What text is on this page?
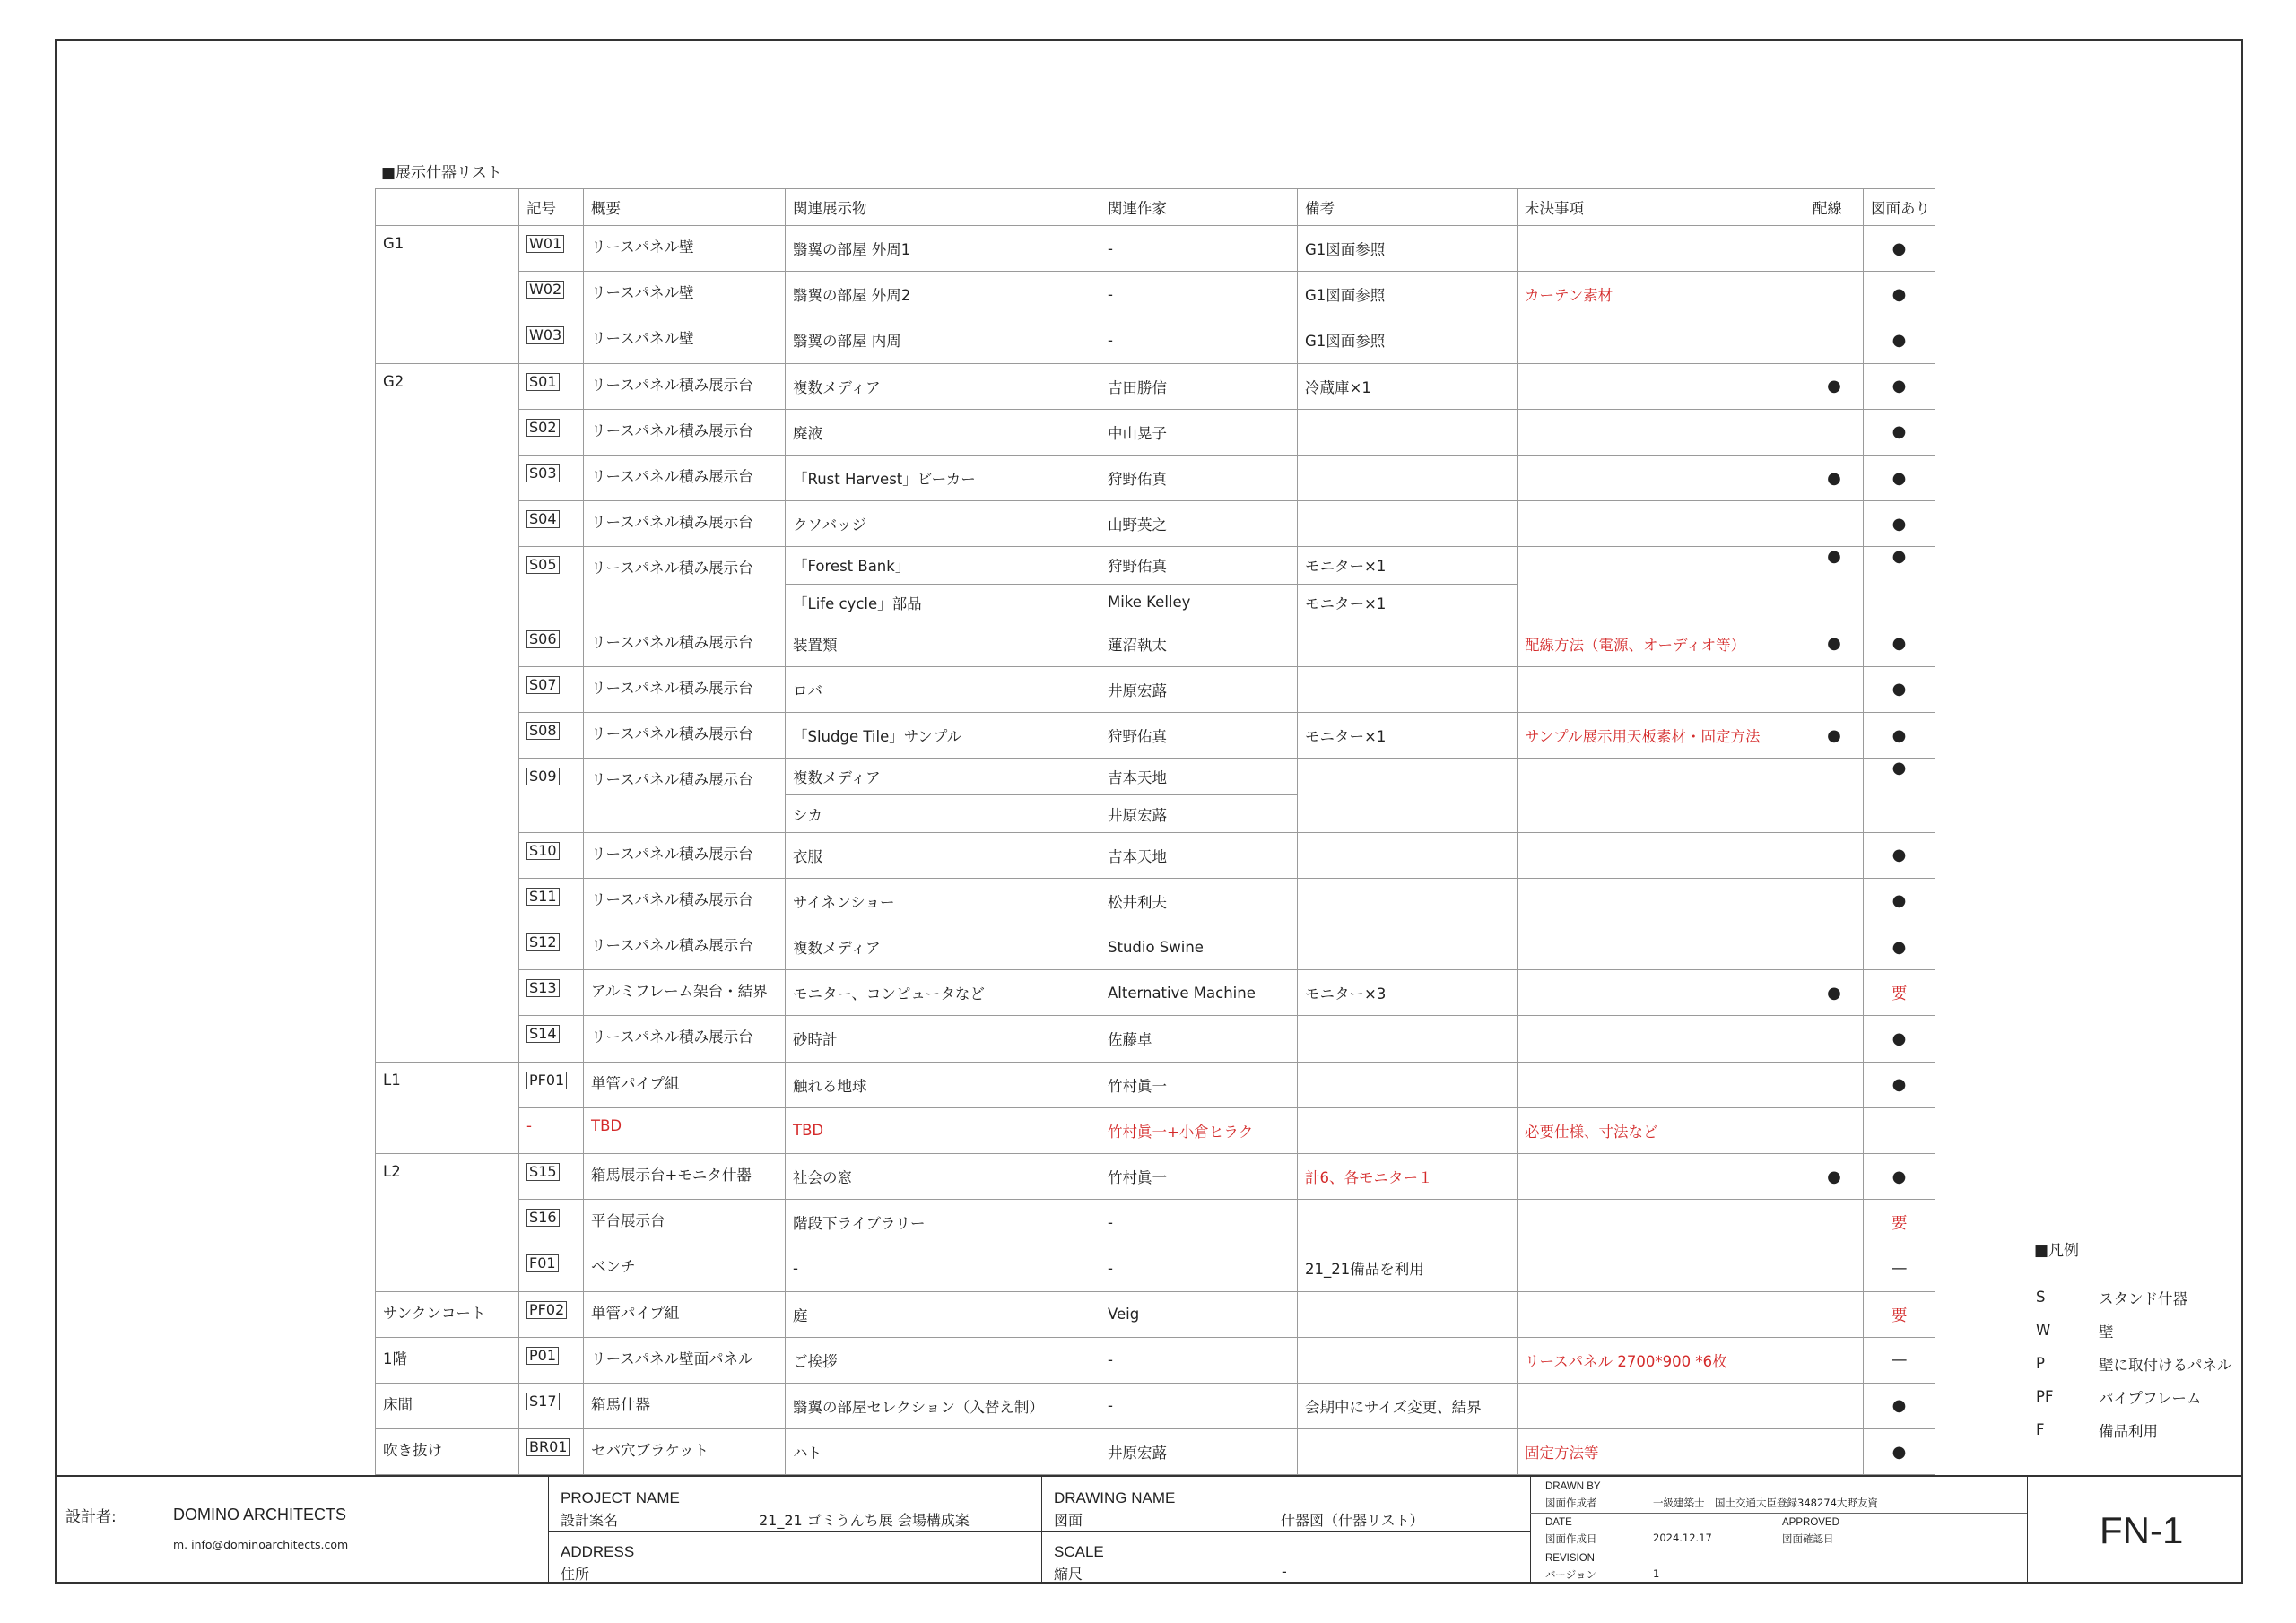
■展示什器リスト
	記号	概要	関連展示物	関連作家	備考	未決事項	配線	図面あり
G1	W01	リースパネル壁	翳翼の部屋 外周1	-	G1図面参照			●
	W02	リースパネル壁	翳翼の部屋 外周2	-	G1図面参照	カーテン素材		●
	W03	リースパネル壁	翳翼の部屋 内周	-	G1図面参照			●
G2	S01	リースパネル積み展示台	複数メディア	吉田勝信	冷蔵庫×1		●	●
	S02	リースパネル積み展示台	廃液	中山晃子				●
	S03	リースパネル積み展示台	「Rust Harvest」ビーカー	狩野佑真			●	●
	S04	リースパネル積み展示台	クソバッジ	山野英之				●
	S05	リースパネル積み展示台	「Forest Bank」	狩野佑真	モニター×1		●	●
			「Life cycle」部品	Mike Kelley	モニター×1			
	S06	リースパネル積み展示台	装置類	蓮沼執太		配線方法（電源、オーディオ等）	●	●
	S07	リースパネル積み展示台	ロバ	井原宏蕗				●
	S08	リースパネル積み展示台	「Sludge Tile」サンプル	狩野佑真	モニター×1	サンプル展示用天板素材・固定方法	●	●
	S09	リースパネル積み展示台	複数メディア	吉本天地				●
			シカ	井原宏蕗				
	S10	リースパネル積み展示台	衣服	吉本天地				●
	S11	リースパネル積み展示台	サイネンショー	松井利夫				●
	S12	リースパネル積み展示台	複数メディア	Studio Swine				●
	S13	アルミフレーム架台・結界	モニター、コンピュータなど	Alternative Machine	モニター×3		●	要
	S14	リースパネル積み展示台	砂時計	佐藤卓				●
L1	PF01	単管パイプ組	触れる地球	竹村眞一				●
	-	TBD	TBD	竹村眞一+小倉ヒラク		必要仕様、寸法など		
L2	S15	箱馬展示台+モニタ什器	社会の窓	竹村眞一	計6、各モニター１		●	●
	S16	平台展示台	階段下ライブラリー	-				要
	F01	ベンチ	-	-	21_21備品を利用			—
サンクンコート	PF02	単管パイプ組	庭	Veig				要
1階	P01	リースパネル壁面パネル	ご挨拶	-		リースパネル 2700*900 *6枚		—
床間	S17	箱馬什器	翳翼の部屋セレクション（入替え制）	-	会期中にサイズ変更、結界			●
吹き抜け	BR01	セパ穴ブラケット	ハト	井原宏蕗		固定方法等		●
■凡例
S	スタンド什器
W	壁
P	壁に取付けるパネル
PF	パイプフレーム
F	備品利用
設計者:	DOMINO ARCHITECTS
m. info@dominoarchitects.com
PROJECT NAME
設計案名	21_21 ゴミうんち展 会場構成案
ADDRESS
住所
DRAWING NAME
図面	什器図（什器リスト）
SCALE
縮尺	-
DRAWN BY
図面作成者	一級建築士　国土交通大臣登録348274大野友資
DATE
図面作成日	2024.12.17
APPROVED
図面確認日
REVISION
バージョン	1
FN-1
